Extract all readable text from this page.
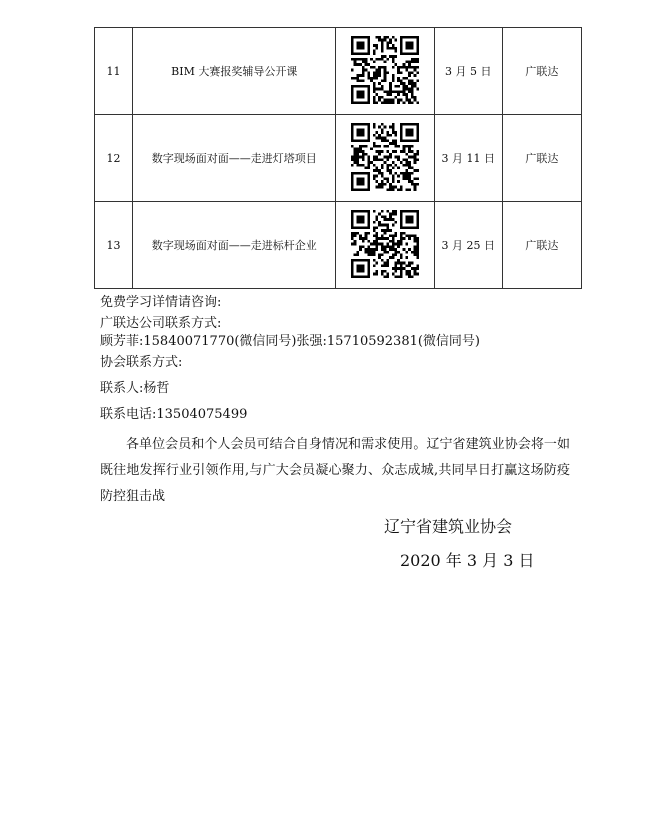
11	BIM 大赛报奖辅导公开课		3 月 5 日	广联达
12	数字现场面对面——走进灯塔项目		3 月 11 日	广联达
13	数字现场面对面——走进标杆企业		3 月 25 日	广联达
免费学习详情请咨询:
广联达公司联系方式:
顾芳菲:15840071770(微信同号)张强:15710592381(微信同号)
协会联系方式:
联系人:杨哲
联系电话:13504075499
各单位会员和个人会员可结合自身情况和需求使用。辽宁省建筑业协会将一如既往地发挥行业引领作用,与广大会员凝心聚力、众志成城,共同早日打赢这场防疫防控狙击战
辽宁省建筑业协会
2020 年 3 月 3 日
